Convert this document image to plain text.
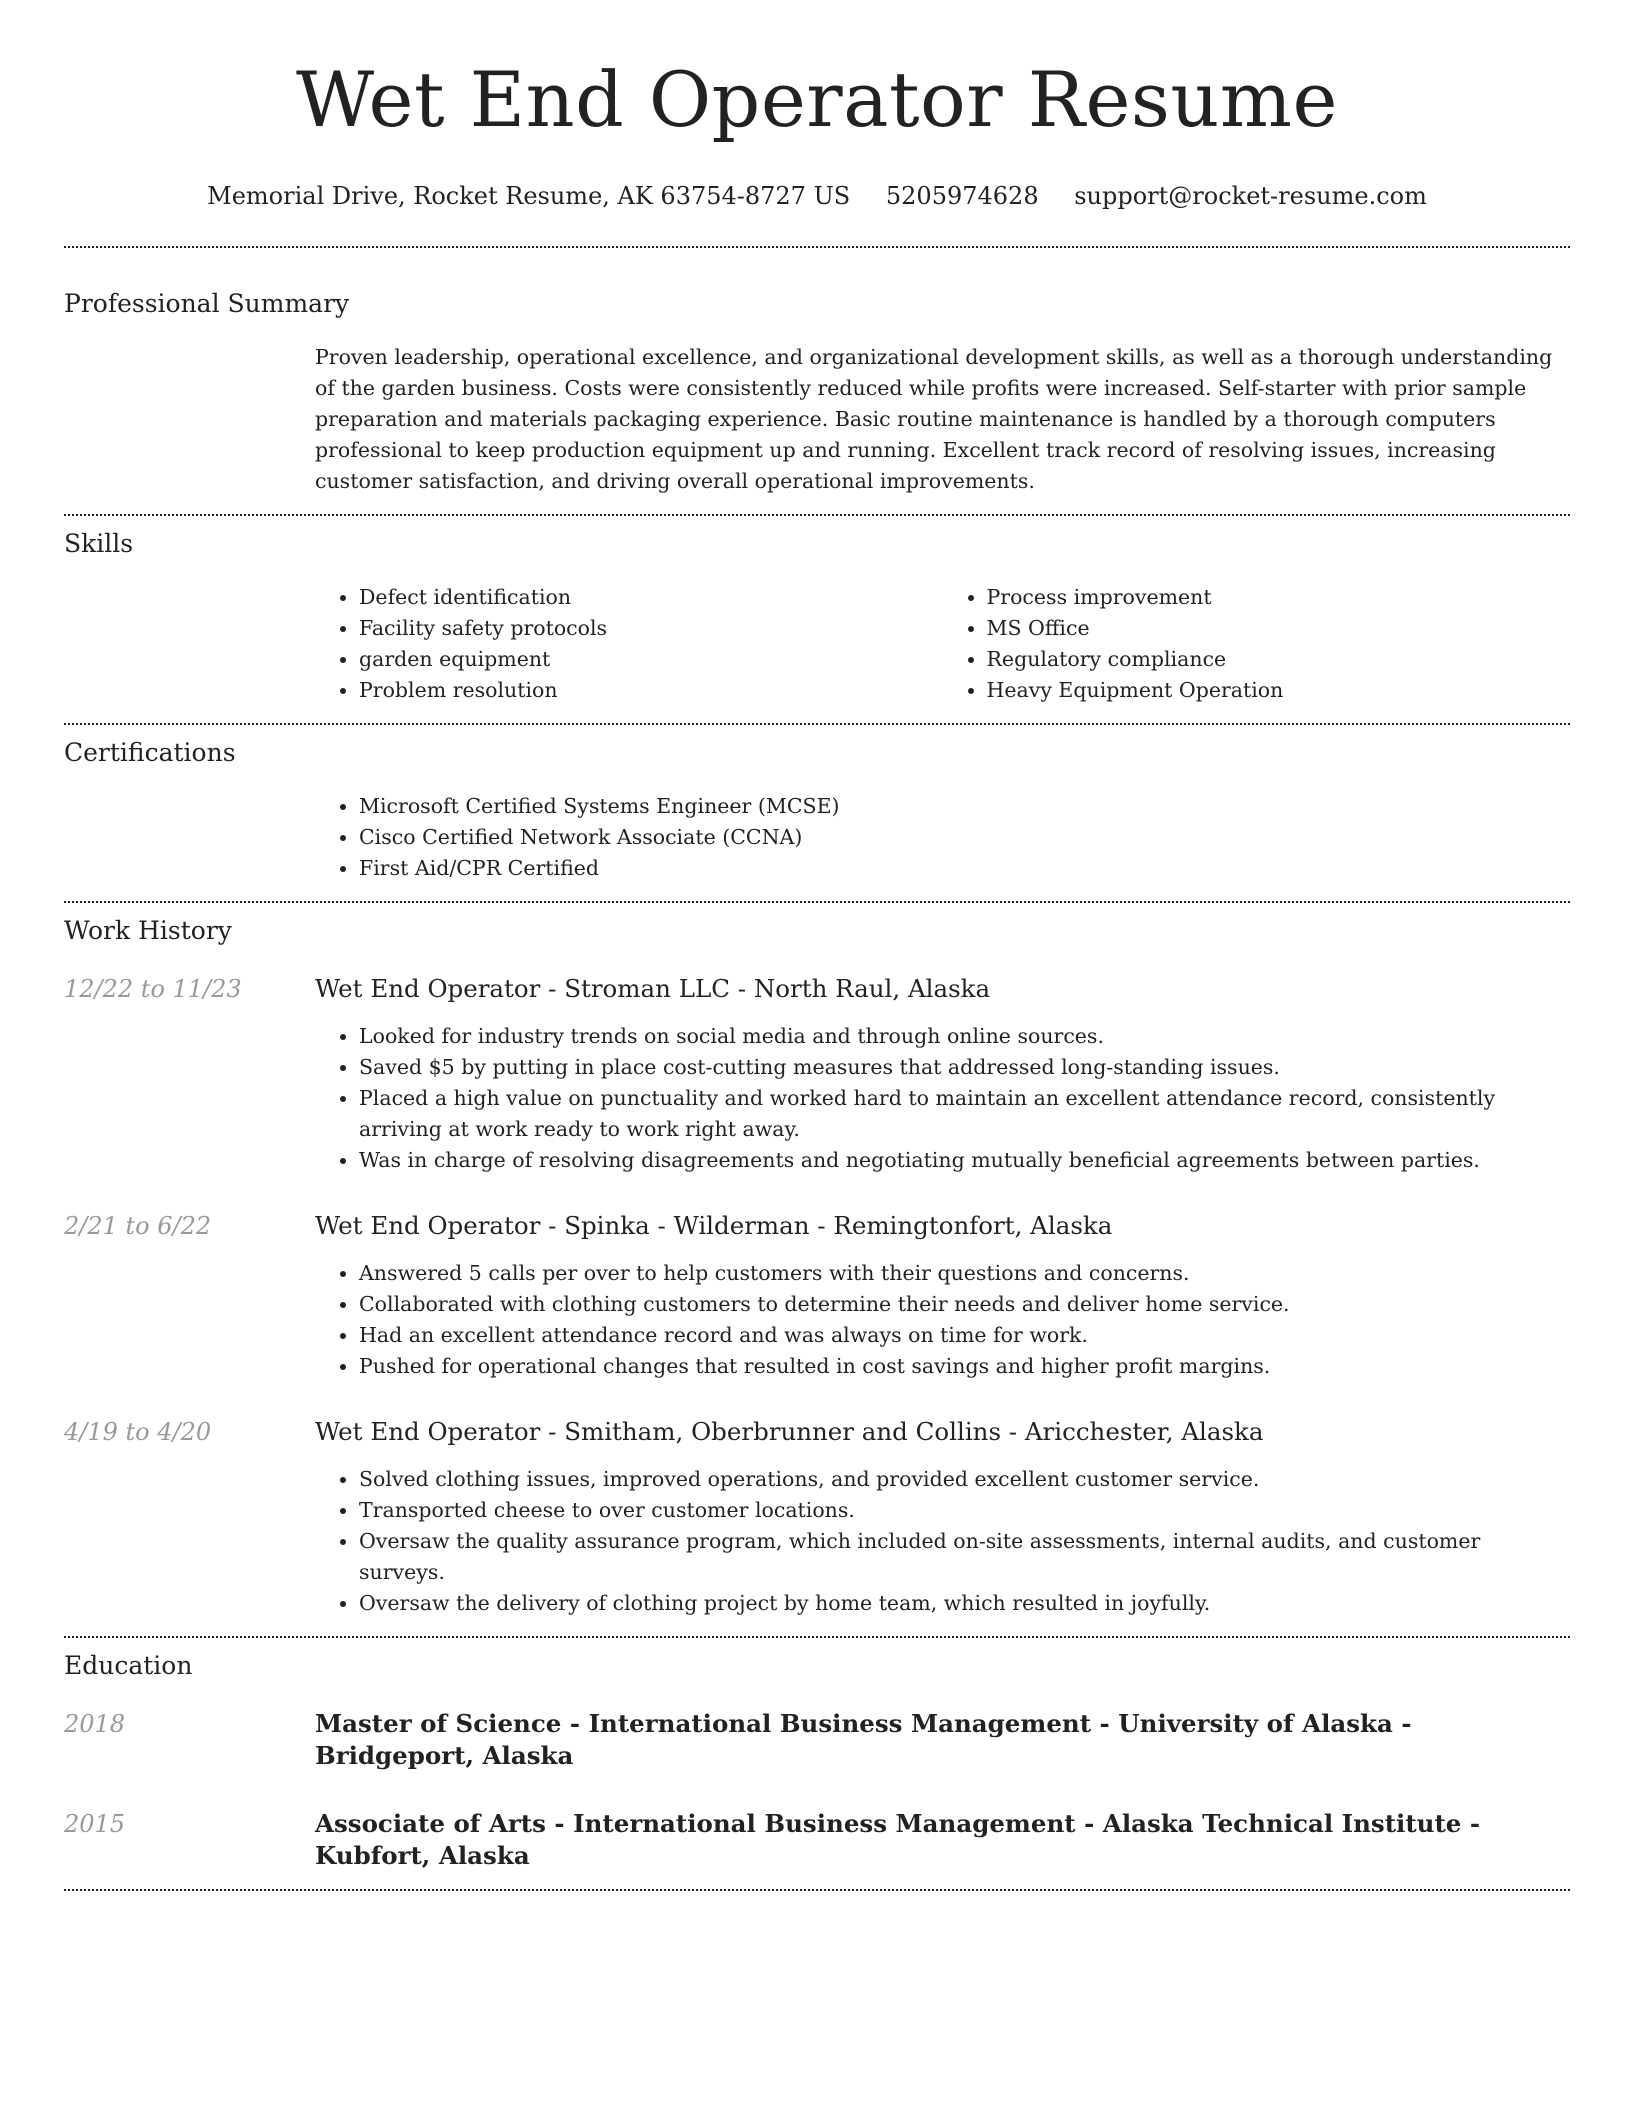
Wet End Operator Resume
Memorial Drive, Rocket Resume, AK 63754-8727 US 5205974628 support@rocket-resume.com
Professional Summary
Proven leadership, operational excellence, and organizational development skills, as well as a thorough understanding of the garden business. Costs were consistently reduced while profits were increased. Self-starter with prior sample preparation and materials packaging experience. Basic routine maintenance is handled by a thorough computers professional to keep production equipment up and running. Excellent track record of resolving issues, increasing customer satisfaction, and driving overall operational improvements.
Skills
• Defect identification
• Facility safety protocols
• garden equipment
• Problem resolution
• Process improvement
• MS Office
• Regulatory compliance
• Heavy Equipment Operation
Certifications
• Microsoft Certified Systems Engineer (MCSE)
• Cisco Certified Network Associate (CCNA)
• First Aid/CPR Certified
Work History
12/22 to 11/23	Wet End Operator - Stroman LLC - North Raul, Alaska
• Looked for industry trends on social media and through online sources.
• Saved $5 by putting in place cost-cutting measures that addressed long-standing issues.
• Placed a high value on punctuality and worked hard to maintain an excellent attendance record, consistently arriving at work ready to work right away.
• Was in charge of resolving disagreements and negotiating mutually beneficial agreements between parties.
2/21 to 6/22	Wet End Operator - Spinka - Wilderman - Remingtonfort, Alaska
• Answered 5 calls per over to help customers with their questions and concerns.
• Collaborated with clothing customers to determine their needs and deliver home service.
• Had an excellent attendance record and was always on time for work.
• Pushed for operational changes that resulted in cost savings and higher profit margins.
4/19 to 4/20	Wet End Operator - Smitham, Oberbrunner and Collins - Aricchester, Alaska
• Solved clothing issues, improved operations, and provided excellent customer service.
• Transported cheese to over customer locations.
• Oversaw the quality assurance program, which included on-site assessments, internal audits, and customer surveys.
• Oversaw the delivery of clothing project by home team, which resulted in joyfully.
Education
2018	Master of Science - International Business Management - University of Alaska - Bridgeport, Alaska
2015	Associate of Arts - International Business Management - Alaska Technical Institute - Kubfort, Alaska
